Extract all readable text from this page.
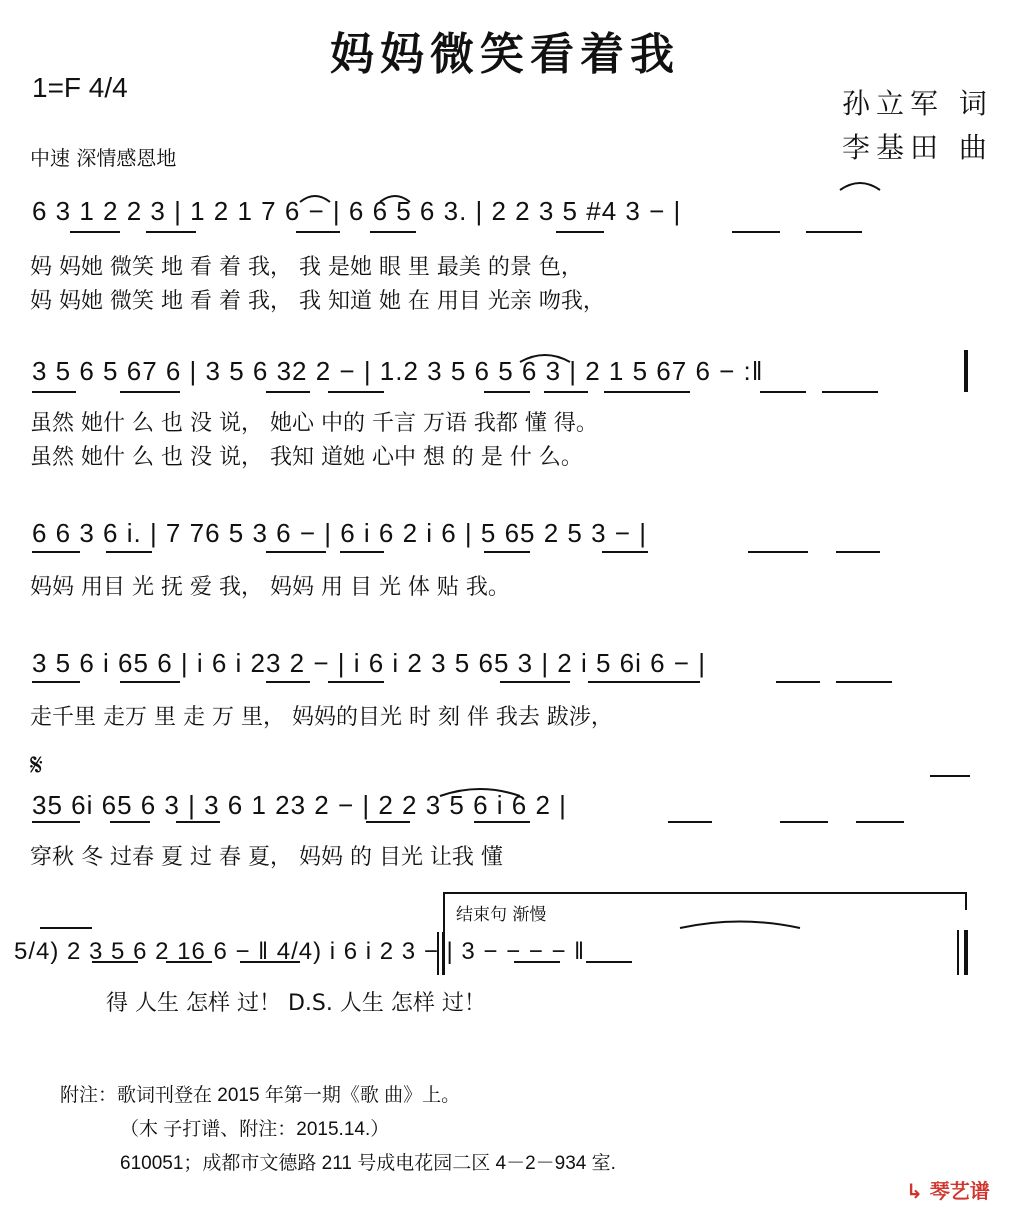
妈妈微笑看着我
1=F 4/4	孙立军 词
李基田 曲
中速 深情感恩地
6 3 1 2 2 3 | 1 2 1 7 6 − | 6 6 5 6 3. | 2 2 3 5 #4 3 − |
妈 妈她 微笑 地 看 着 我， 我 是她 眼 里 最美 的景 色，
妈 妈她 微笑 地 看 着 我， 我 知道 她 在 用目 光亲 吻我，
3 5 6 5 67 6 | 3 5 6 32 2 − | 1.2 3 5 6 5 6 3 | 2 1 5 67 6 − :‖
虽然 她什 么 也 没 说， 她心 中的 千言 万语 我都 懂 得。
虽然 她什 么 也 没 说， 我知 道她 心中 想 的 是 什 么。
6 6 3 6 i. | 7 76 5 3 6 − | 6 i 6 2 i 6 | 5 65 2 5 3 − |
妈妈 用目 光 抚 爱 我， 妈妈 用 目 光 体 贴 我。
3 5 6 i 65 6 | i 6 i 23 2 − | i 6 i 2 3 5 65 3 | 2 i 5 6i 6 − |
走千里 走万 里 走 万 里， 妈妈的目光 时 刻 伴 我去 跋涉，
𝄋
35 6i 65 6 3 | 3 6 1 23 2 − | 2 2 3 5 6 i 6 2 |
穿秋 冬 过春 夏 过 春 夏， 妈妈 的 目光 让我 懂
结束句 渐慢
5/4) 2 3 5 6 2 16 6 − ‖ 4/4) i 6 i 2 3 − | 3 − − − − ‖
得 人生 怎样 过！ D.S. 人生 怎样 过！
附注：歌词刊登在 2015 年第一期《歌 曲》上。
（木 子打谱、附注：2015.14.）
610051；成都市文德路 211 号成电花园二区 4－2－934 室.
↳ 琴艺谱
